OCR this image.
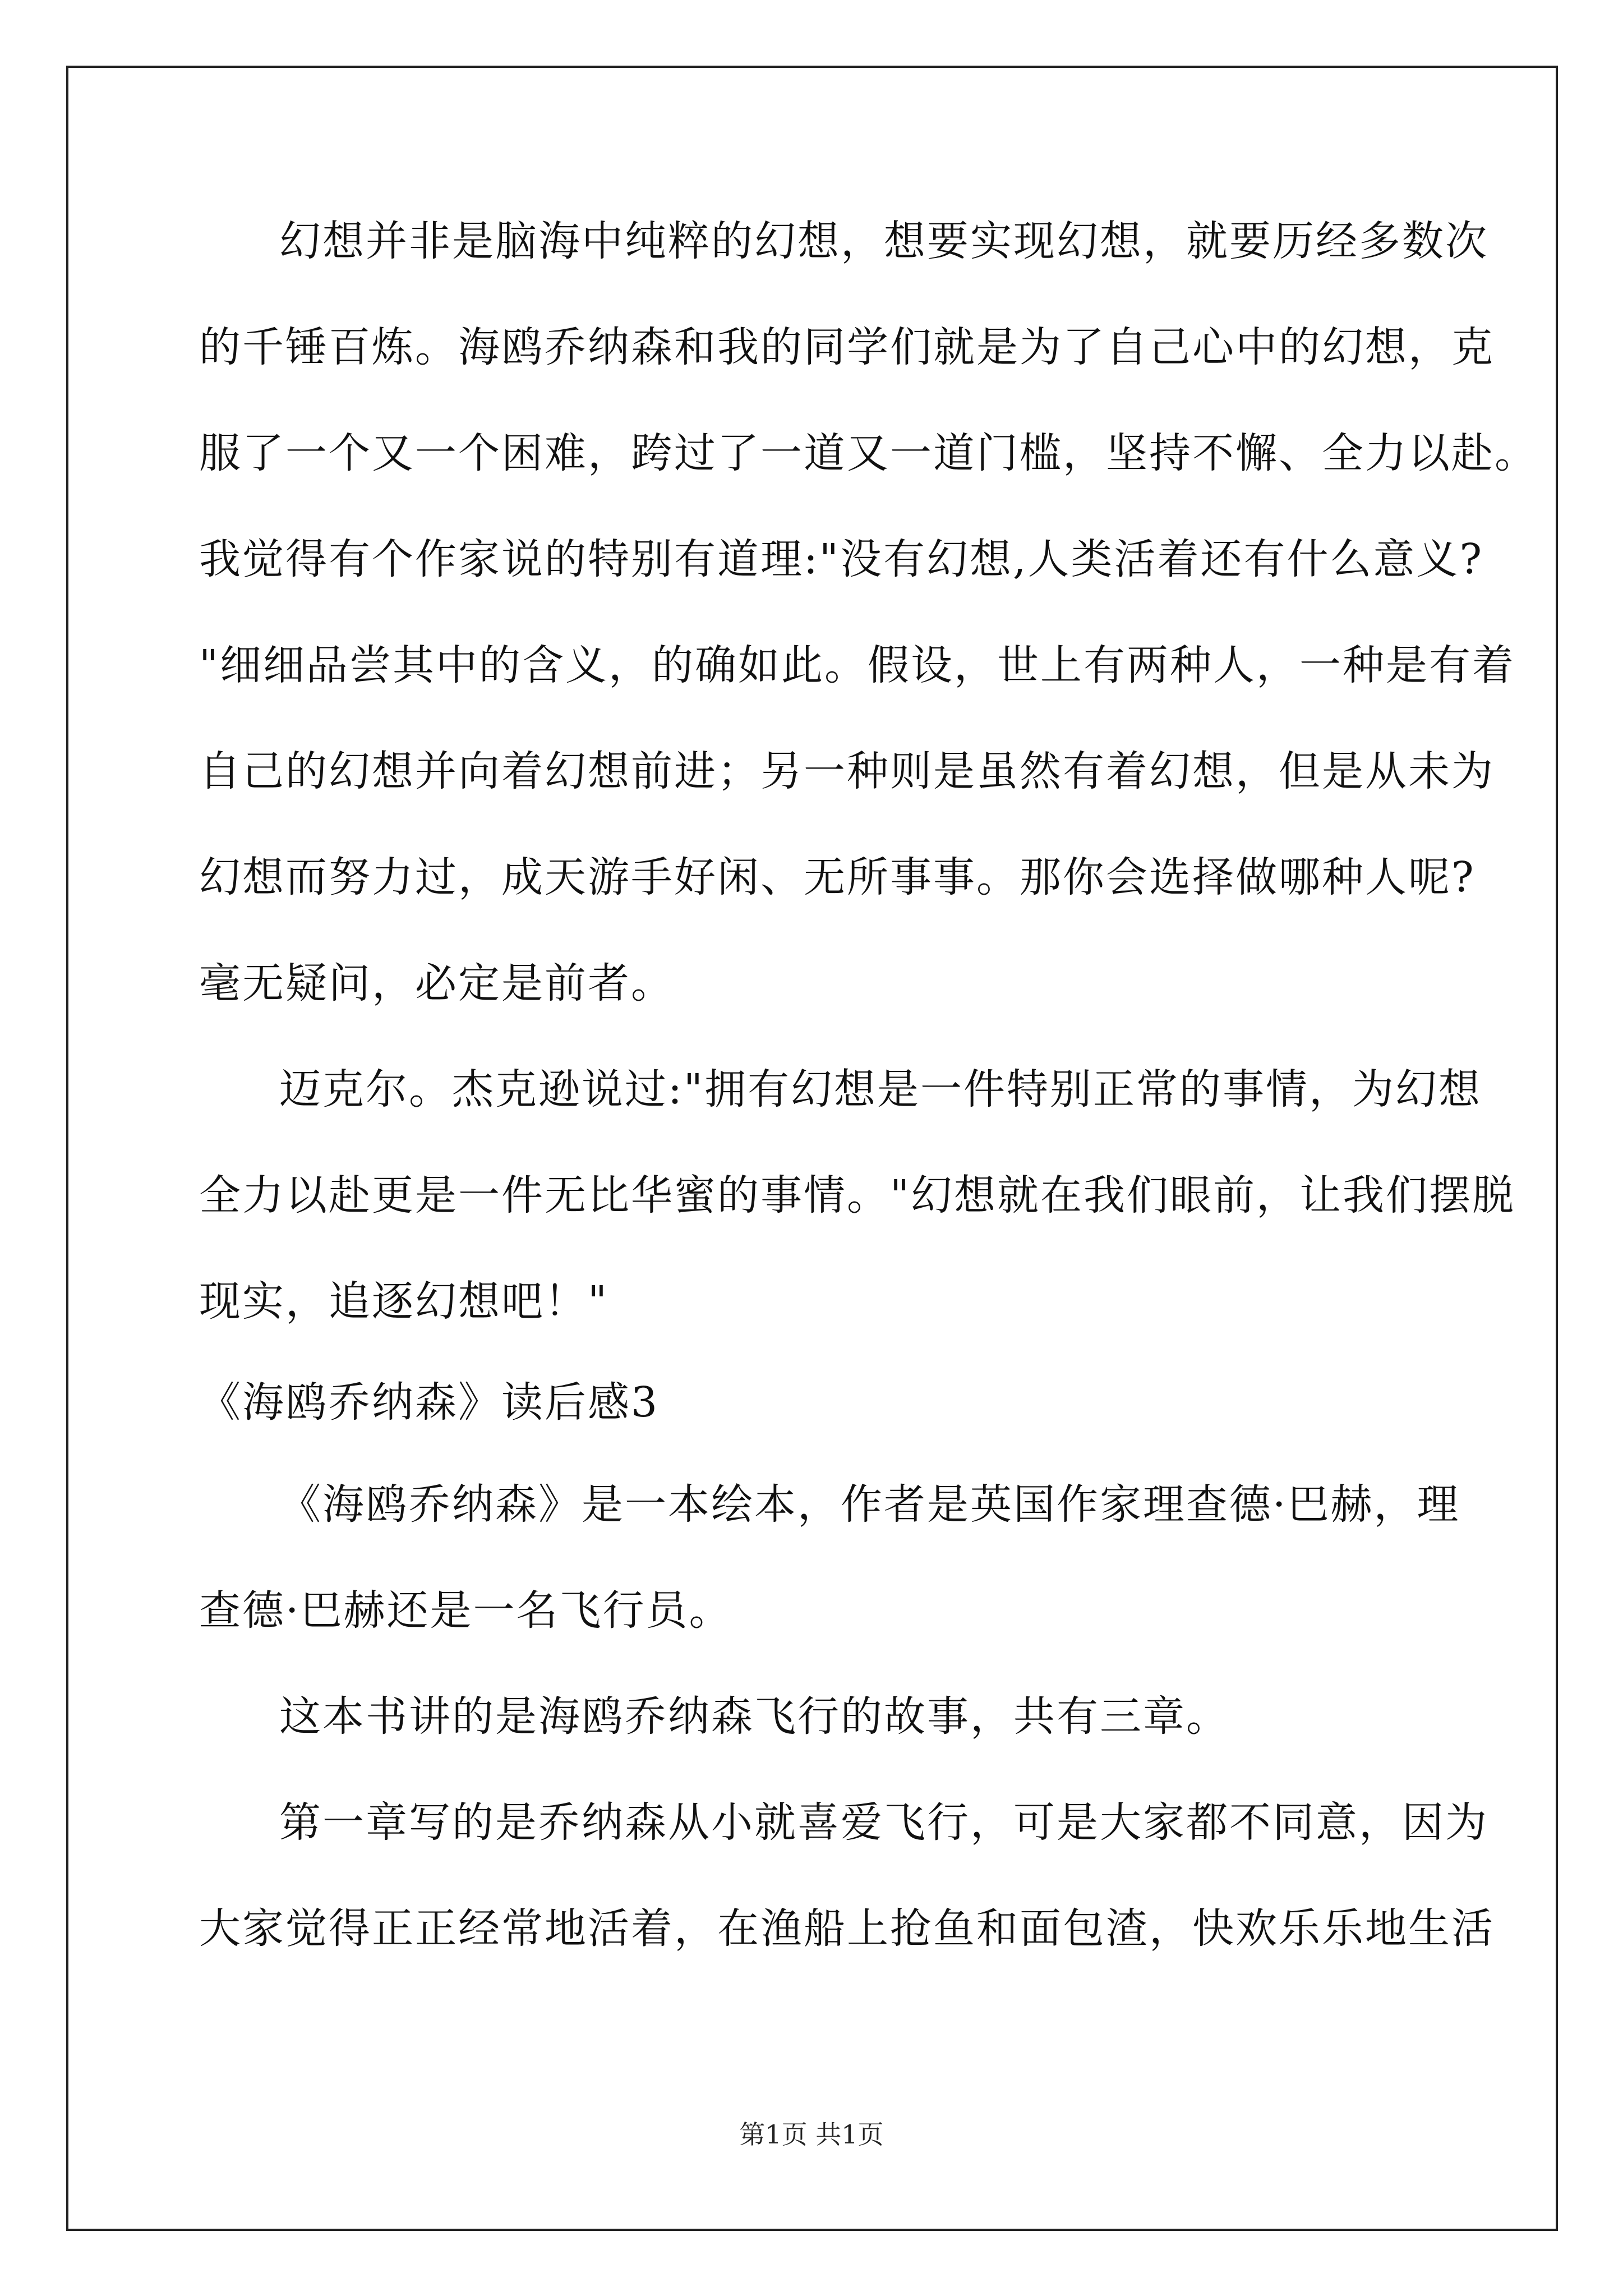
幻想并非是脑海中纯粹的幻想，想要实现幻想，就要历经多数次
的千锤百炼。海鸥乔纳森和我的同学们就是为了自己心中的幻想，克
服了一个又一个困难，跨过了一道又一道门槛，坚持不懈、全力以赴。
我觉得有个作家说的特别有道理:"没有幻想,人类活着还有什么意义?
"细细品尝其中的含义，的确如此。假设，世上有两种人，一种是有着
自己的幻想并向着幻想前进；另一种则是虽然有着幻想，但是从未为
幻想而努力过，成天游手好闲、无所事事。那你会选择做哪种人呢?
毫无疑问，必定是前者。
迈克尔。杰克逊说过:"拥有幻想是一件特别正常的事情，为幻想
全力以赴更是一件无比华蜜的事情。"幻想就在我们眼前，让我们摆脱
现实，追逐幻想吧！"
《海鸥乔纳森》读后感3
《海鸥乔纳森》是一本绘本，作者是英国作家理查德·巴赫，理
查德·巴赫还是一名飞行员。
这本书讲的是海鸥乔纳森飞行的故事，共有三章。
第一章写的是乔纳森从小就喜爱飞行，可是大家都不同意，因为
大家觉得正正经常地活着，在渔船上抢鱼和面包渣，快欢乐乐地生活
第1页 共1页
